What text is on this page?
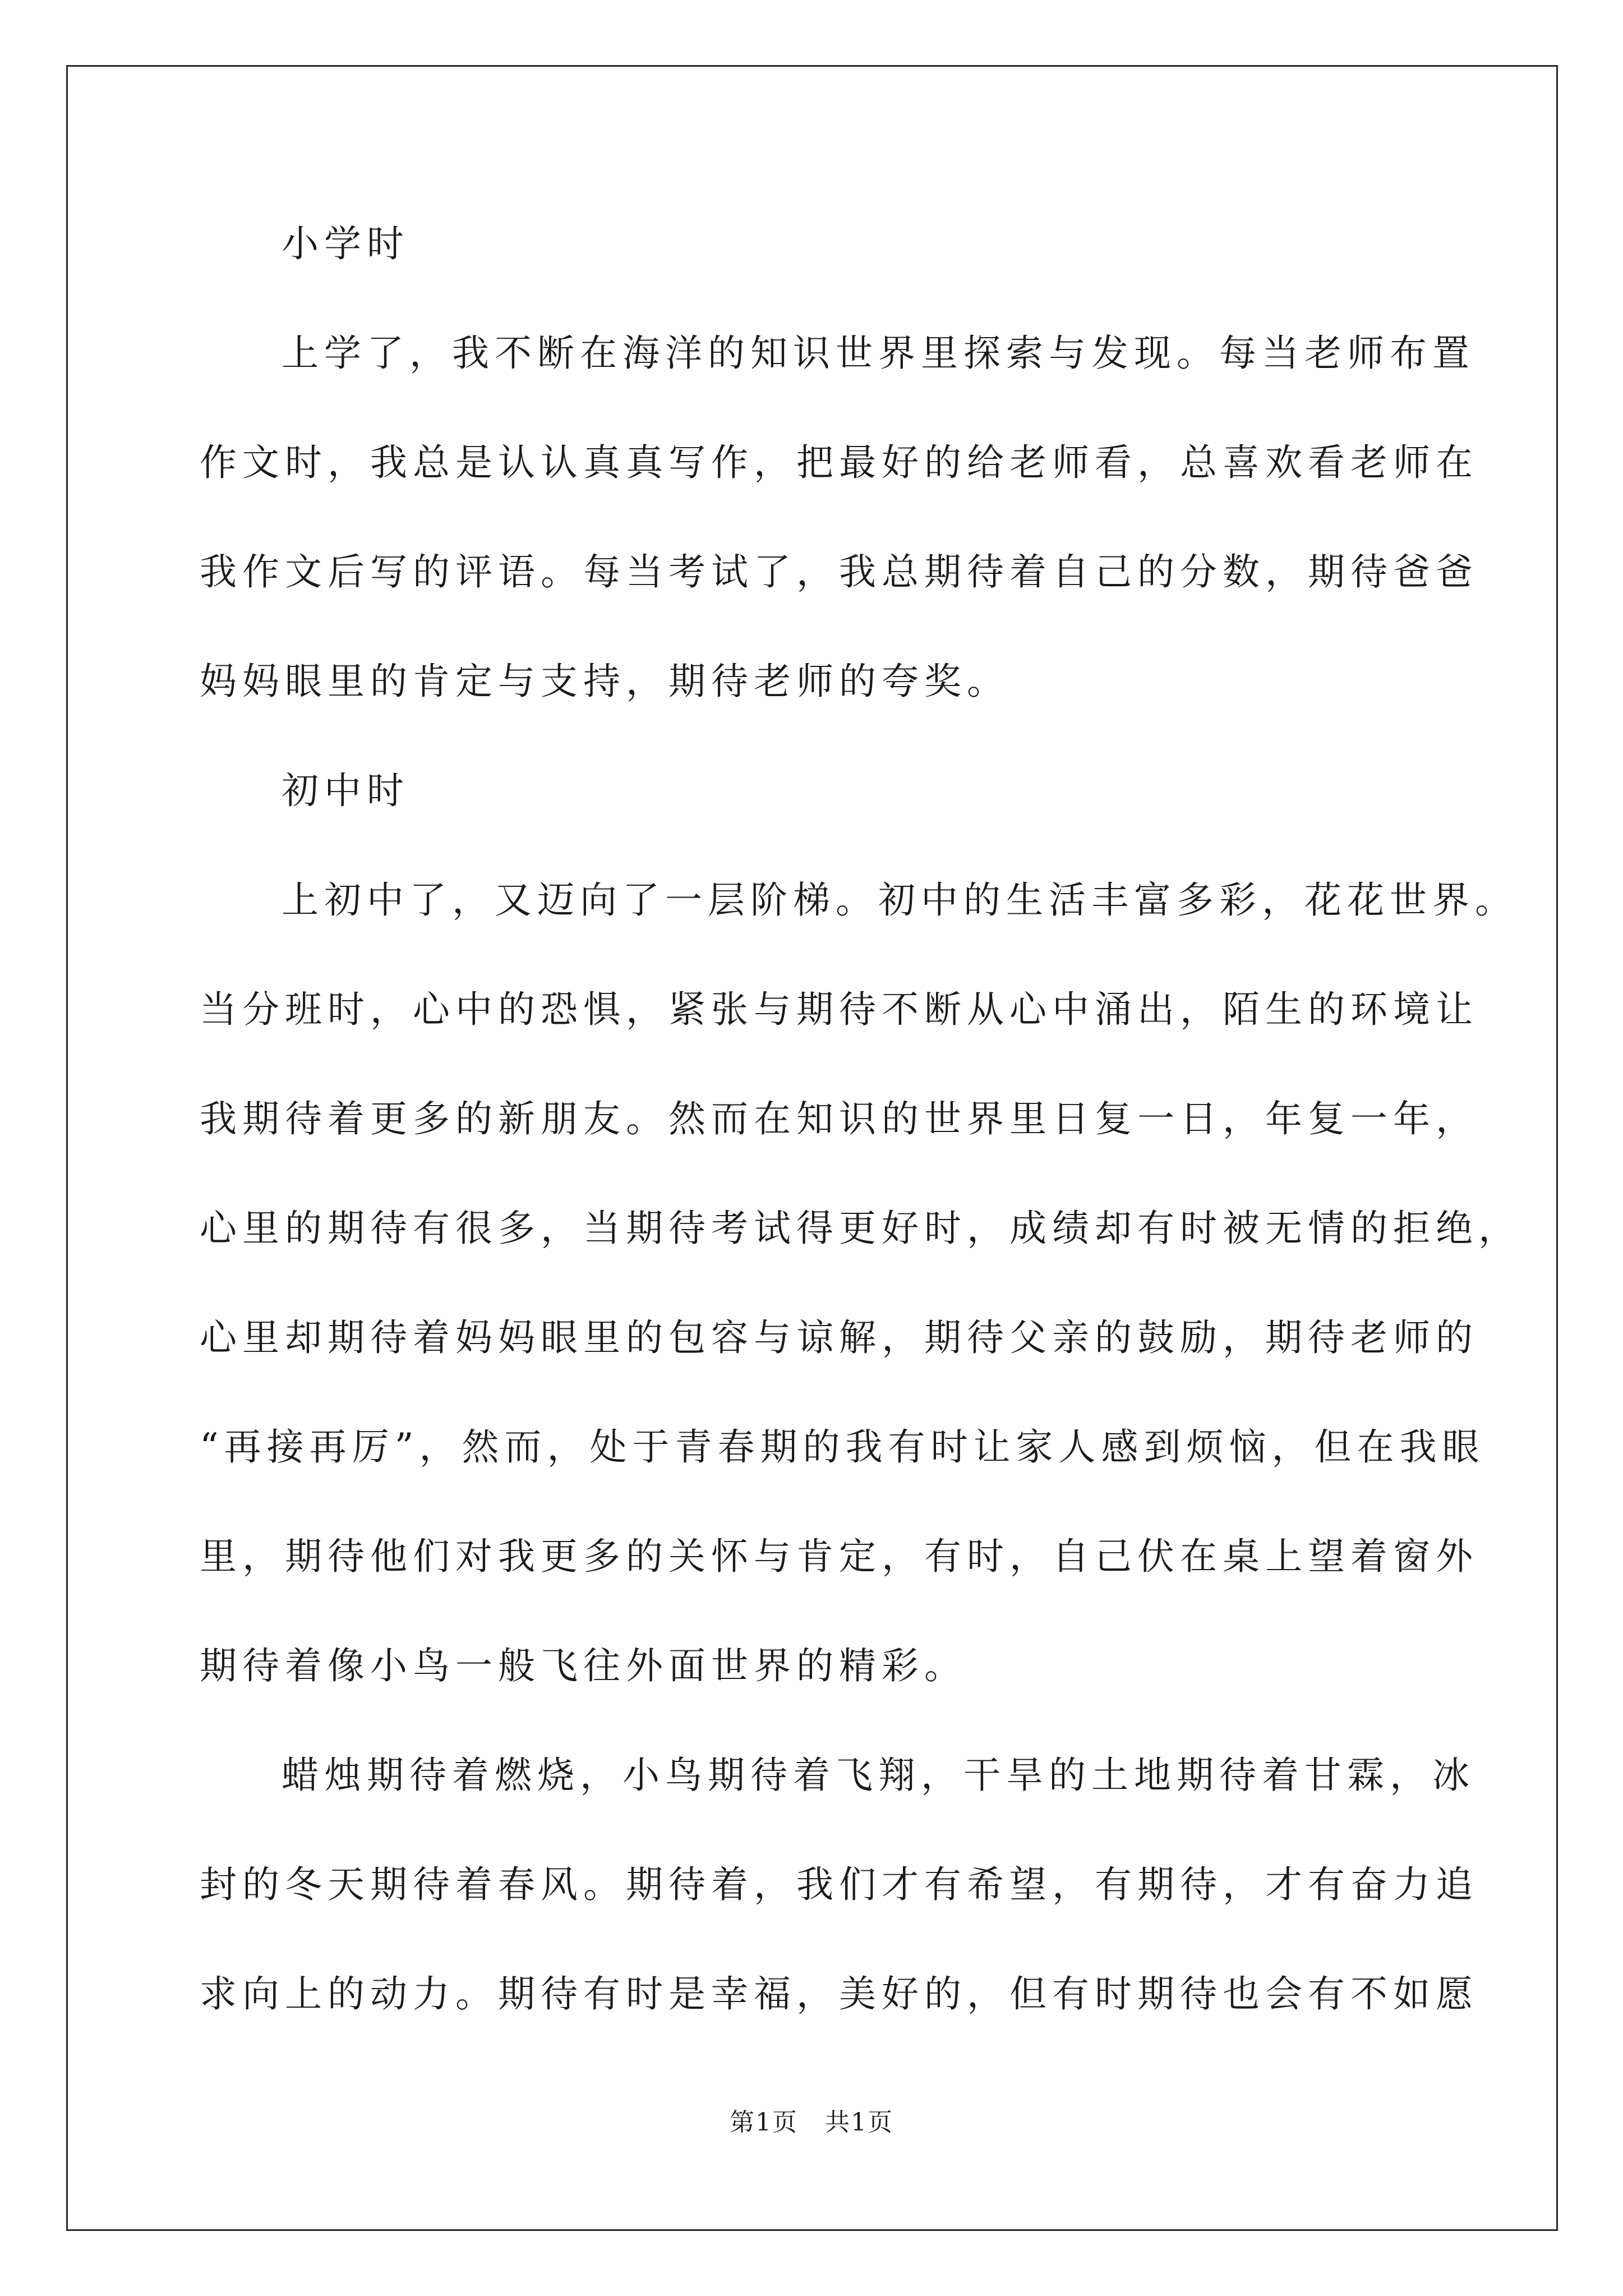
小学时
上学了，我不断在海洋的知识世界里探索与发现。每当老师布置
作文时，我总是认认真真写作，把最好的给老师看，总喜欢看老师在
我作文后写的评语。每当考试了，我总期待着自己的分数，期待爸爸
妈妈眼里的肯定与支持，期待老师的夸奖。
初中时
上初中了，又迈向了一层阶梯。初中的生活丰富多彩，花花世界。
当分班时，心中的恐惧，紧张与期待不断从心中涌出，陌生的环境让
我期待着更多的新朋友。然而在知识的世界里日复一日，年复一年，
心里的期待有很多，当期待考试得更好时，成绩却有时被无情的拒绝，
心里却期待着妈妈眼里的包容与谅解，期待父亲的鼓励，期待老师的
“再接再厉”，然而，处于青春期的我有时让家人感到烦恼，但在我眼
里，期待他们对我更多的关怀与肯定，有时，自己伏在桌上望着窗外
期待着像小鸟一般飞往外面世界的精彩。
蜡烛期待着燃烧，小鸟期待着飞翔，干旱的土地期待着甘霖，冰
封的冬天期待着春风。期待着，我们才有希望，有期待，才有奋力追
求向上的动力。期待有时是幸福，美好的，但有时期待也会有不如愿
第1页   共1页
